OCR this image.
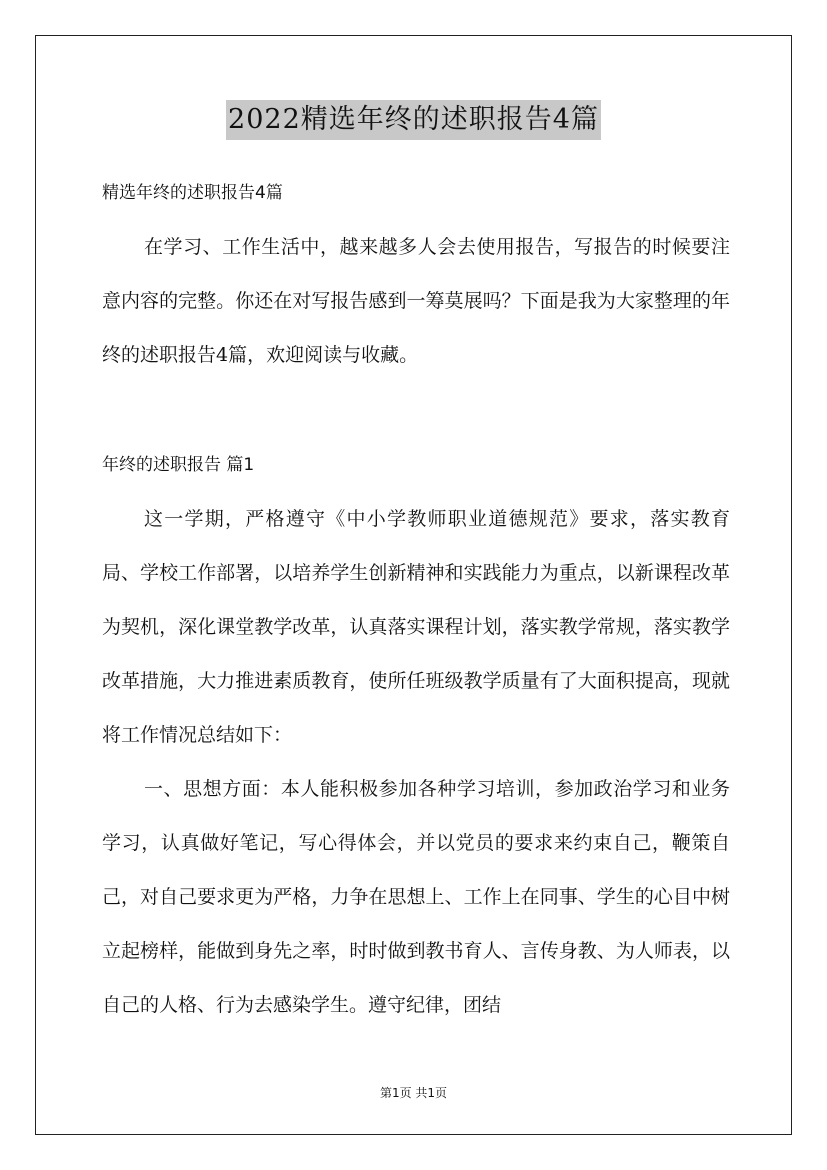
2022精选年终的述职报告4篇
精选年终的述职报告4篇

在学习、工作生活中，越来越多人会去使用报告，写报告的时候要注意内容的完整。你还在对写报告感到一筹莫展吗？下面是我为大家整理的年终的述职报告4篇，欢迎阅读与收藏。

年终的述职报告 篇1

这一学期，严格遵守《中小学教师职业道德规范》要求，落实教育局、学校工作部署，以培养学生创新精神和实践能力为重点，以新课程改革为契机，深化课堂教学改革，认真落实课程计划，落实教学常规，落实教学改革措施，大力推进素质教育，使所任班级教学质量有了大面积提高，现就将工作情况总结如下：

一、思想方面：本人能积极参加各种学习培训，参加政治学习和业务学习，认真做好笔记，写心得体会，并以党员的要求来约束自己，鞭策自己，对自己要求更为严格，力争在思想上、工作上在同事、学生的心目中树立起榜样，能做到身先之率，时时做到教书育人、言传身教、为人师表，以自己的人格、行为去感染学生。遵守纪律，团结

第1页 共1页
